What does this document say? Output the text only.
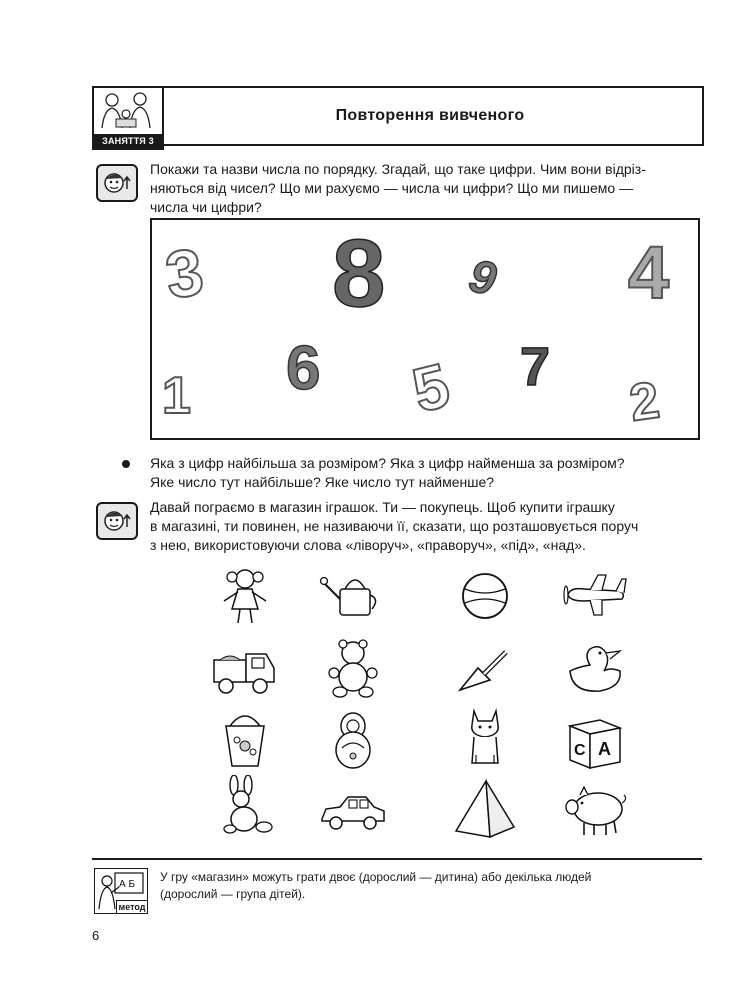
ЗАНЯТТЯ 3
Повторення вивченого
Покажи та назви числа по порядку. Згадай, що таке цифри. Чим вони відріз-
няються від чисел? Що ми рахуємо — числа чи цифри? Що ми пишемо —
числа чи цифри?
3 8 9 4
6	7
1	5	2
Яка з цифр найбільша за розміром? Яка з цифр найменша за розміром?
Яке число тут найбільше? Яке число тут найменше?
Давай пограємо в магазин іграшок. Ти — покупець. Щоб купити іграшку
в магазині, ти повинен, не називаючи її, сказати, що розташовується поруч
з нею, використовуючи слова «ліворуч», «праворуч», «під», «над».
C A
А Б
метод
У гру «магазин» можуть грати двоє (дорослий — дитина) або декілька людей
(дорослий — група дітей).
6
